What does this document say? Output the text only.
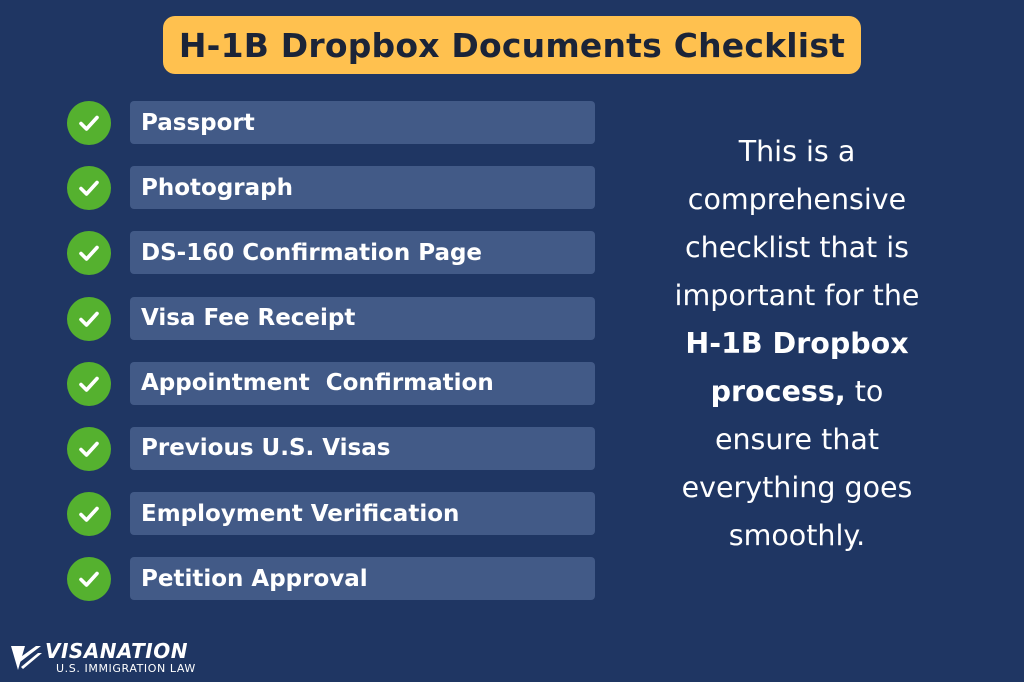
H-1B Dropbox Documents Checklist
Passport
Photograph
DS-160 Confirmation Page
Visa Fee Receipt
Appointment  Confirmation
Previous U.S. Visas
Employment Verification
Petition Approval
This is a
comprehensive
checklist that is
important for the
H-1B Dropbox
process, to
ensure that
everything goes
smoothly.
VISANATION
U.S. IMMIGRATION LAW
